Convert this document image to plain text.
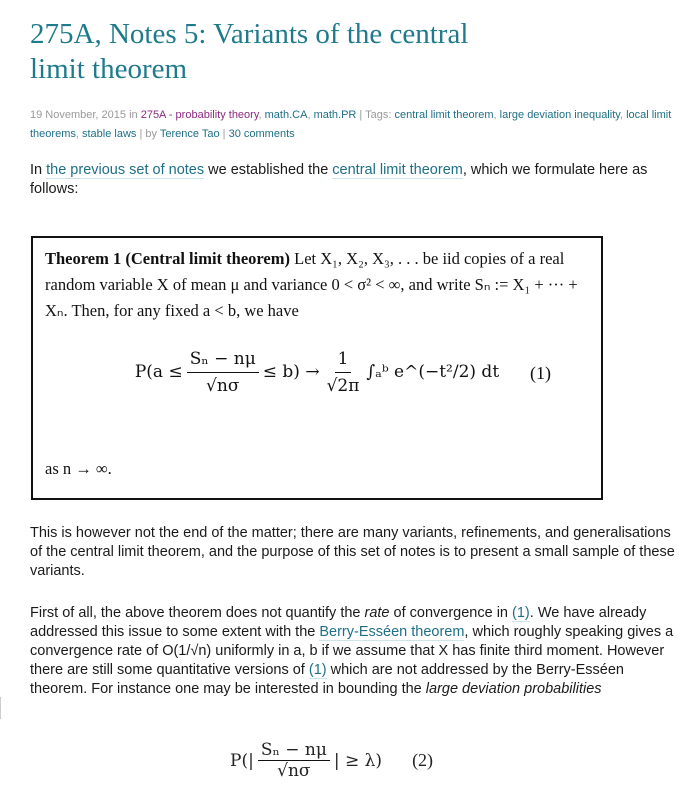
275A, Notes 5: Variants of the central limit theorem
19 November, 2015 in 275A - probability theory, math.CA, math.PR | Tags: central limit theorem, large deviation inequality, local limit theorems, stable laws | by Terence Tao | 30 comments

In the previous set of notes we established the central limit theorem, which we formulate here as follows:

Theorem 1 (Central limit theorem) Let X₁, X₂, X₃, . . . be iid copies of a real random variable X of mean μ and variance 0 < σ² < ∞, and write Sₙ := X₁ + ··· + Xₙ. Then, for any fixed a < b, we have
$P(a \le \frac{\text{Sₙ − nμ}}{√n\sigma} \le b) \to \frac{1}{√2\pi}$ ∫ₐᵇ e^(−t²/2) dt (1)
as n → ∞.

This is however not the end of the matter; there are many variants, refinements, and generalisations of the central limit theorem, and the purpose of this set of notes is to present a small sample of these variants.

First of all, the above theorem does not quantify the rate of convergence in (1). We have already addressed this issue to some extent with the Berry-Esséen theorem, which roughly speaking gives a convergence rate of O(1/√n) uniformly in a, b if we assume that X has finite third moment. However there are still some quantitative versions of (1) which are not addressed by the Berry-Esséen theorem. For instance one may be interested in bounding the large deviation probabilities

$P(| \frac{\text{Sₙ − nμ}}{√n\sigma}$ | ≥ λ) (2)
